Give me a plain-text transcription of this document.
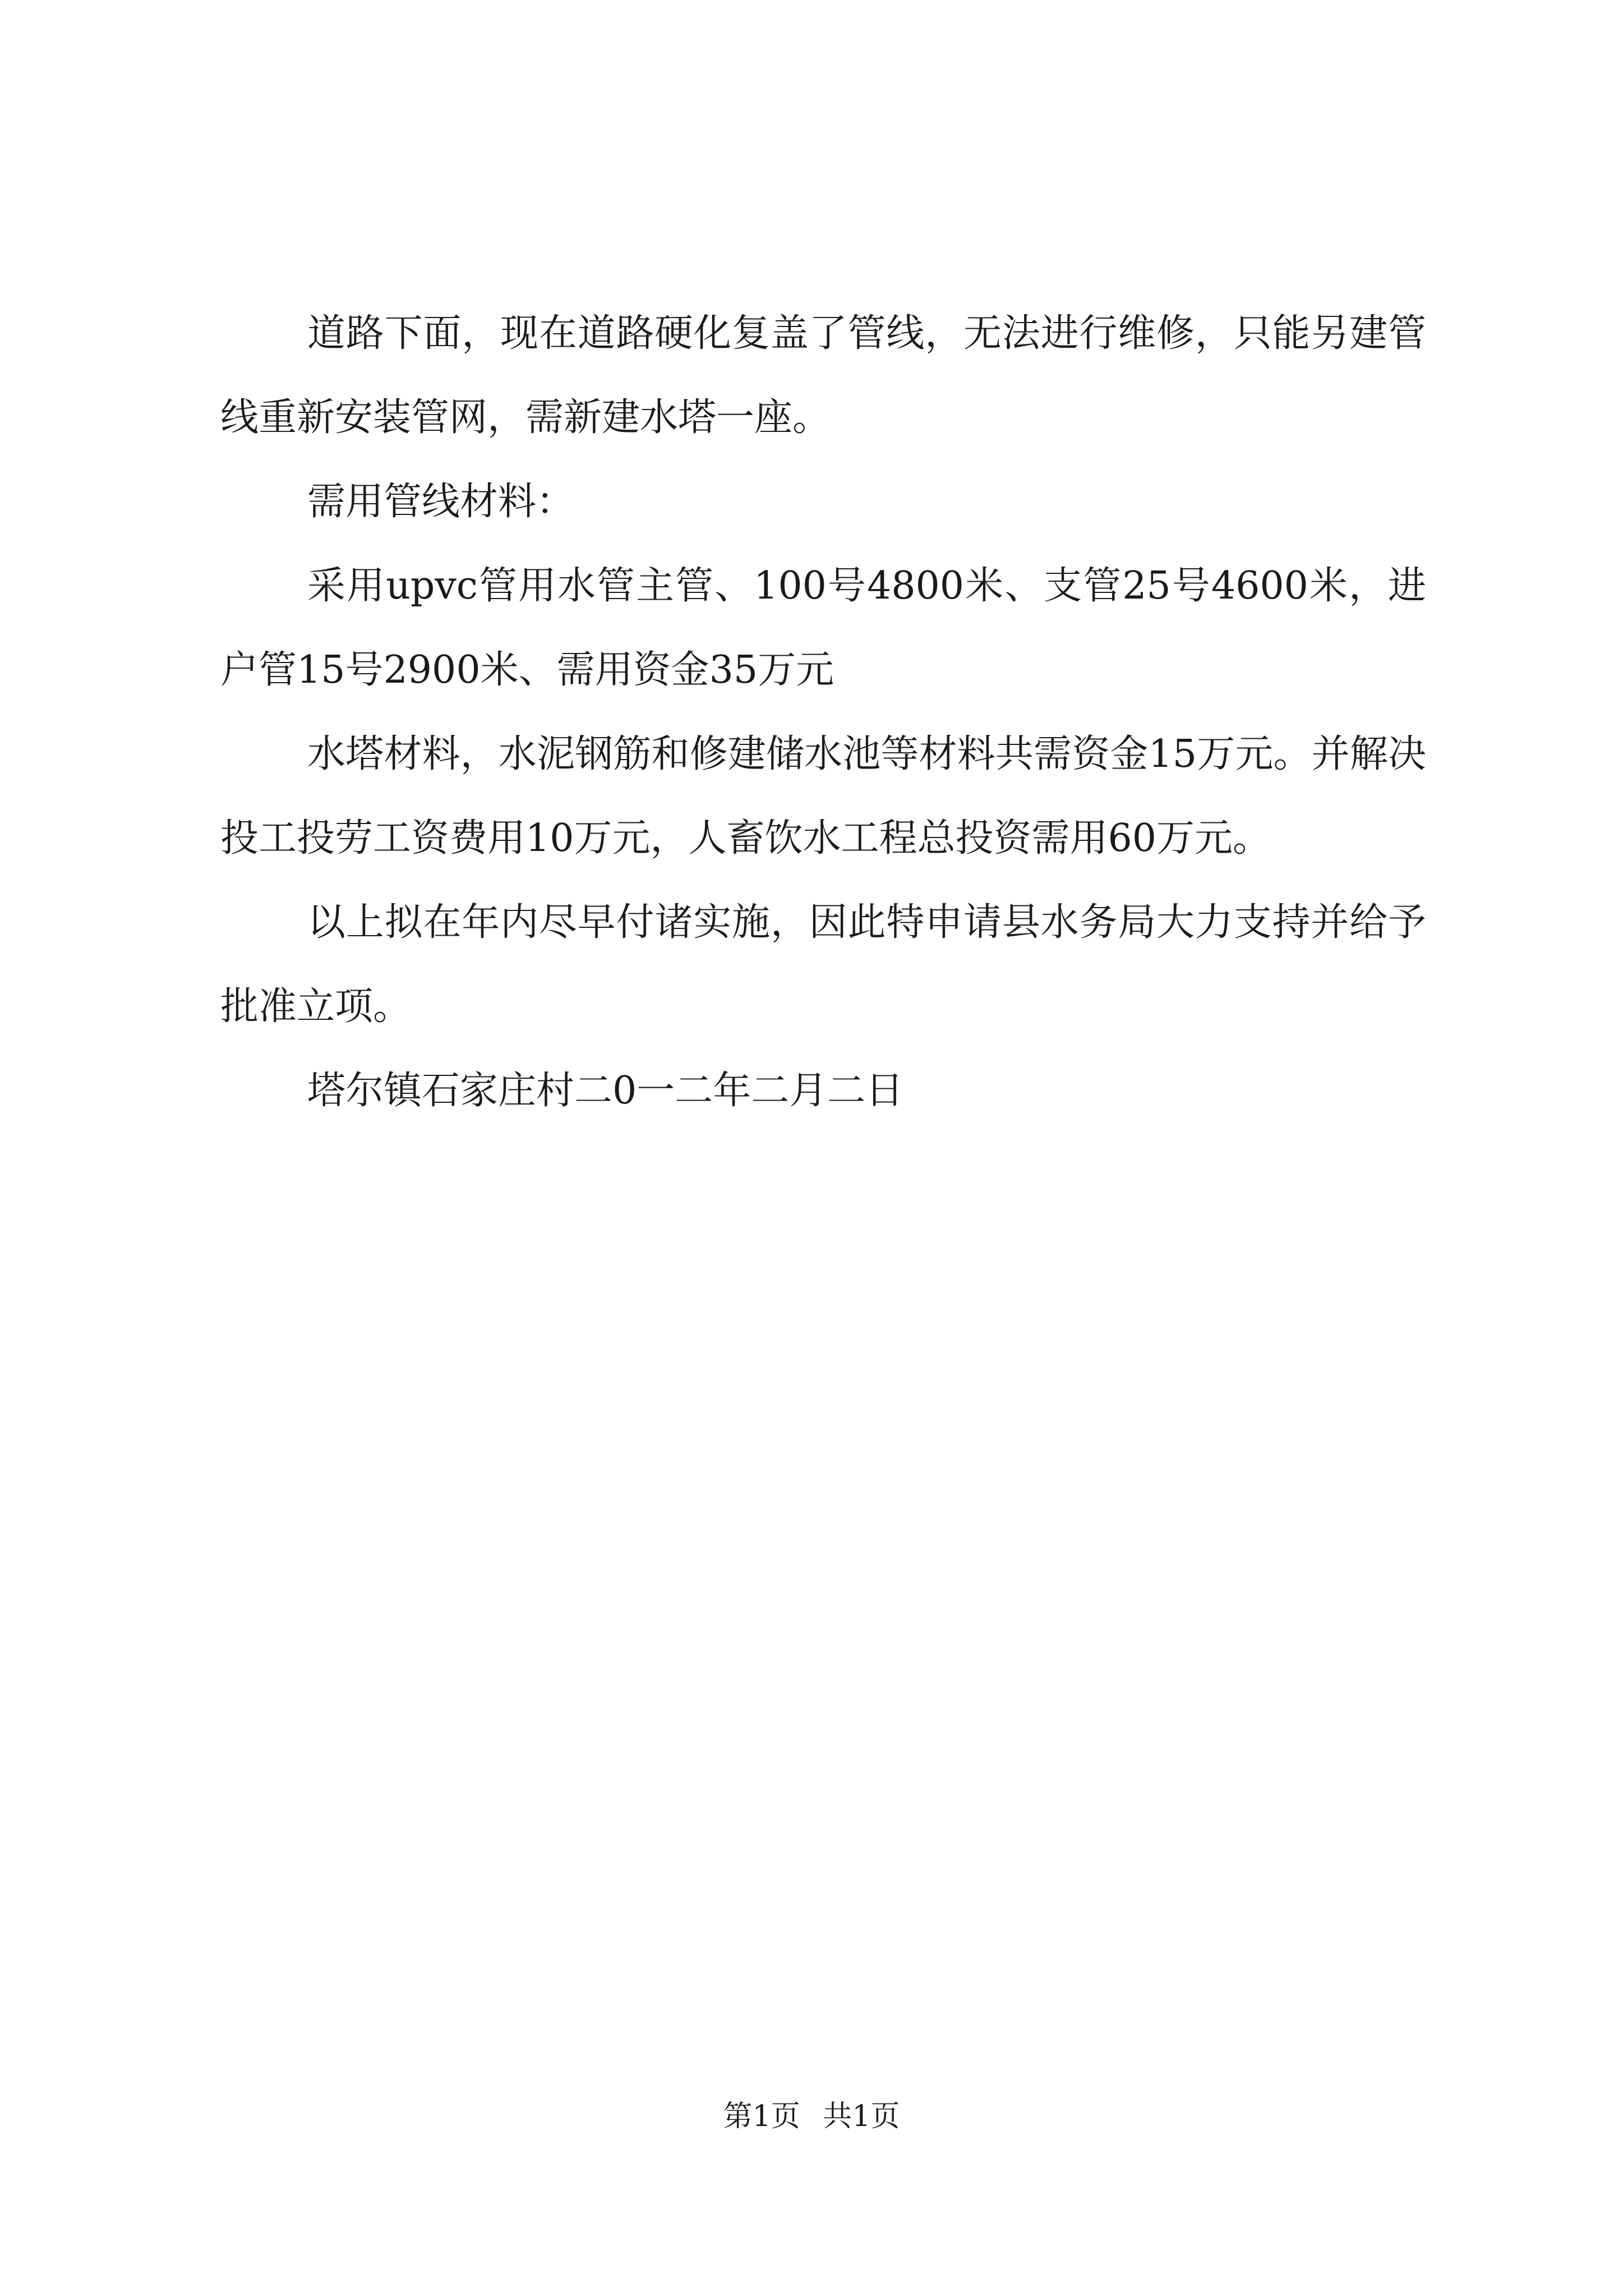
道路下面，现在道路硬化复盖了管线，无法进行维修，只能另建管线重新安装管网，需新建水塔一座。

需用管线材料：

采用upvc管用水管主管、100号4800米、支管25号4600米，进户管15号2900米、需用资金35万元

水塔材料，水泥钢筋和修建储水池等材料共需资金15万元。并解决投工投劳工资费用10万元，人畜饮水工程总投资需用60万元。

以上拟在年内尽早付诸实施，因此特申请县水务局大力支持并给予批准立项。

塔尔镇石家庄村二0一二年二月二日

第1页 共1页
